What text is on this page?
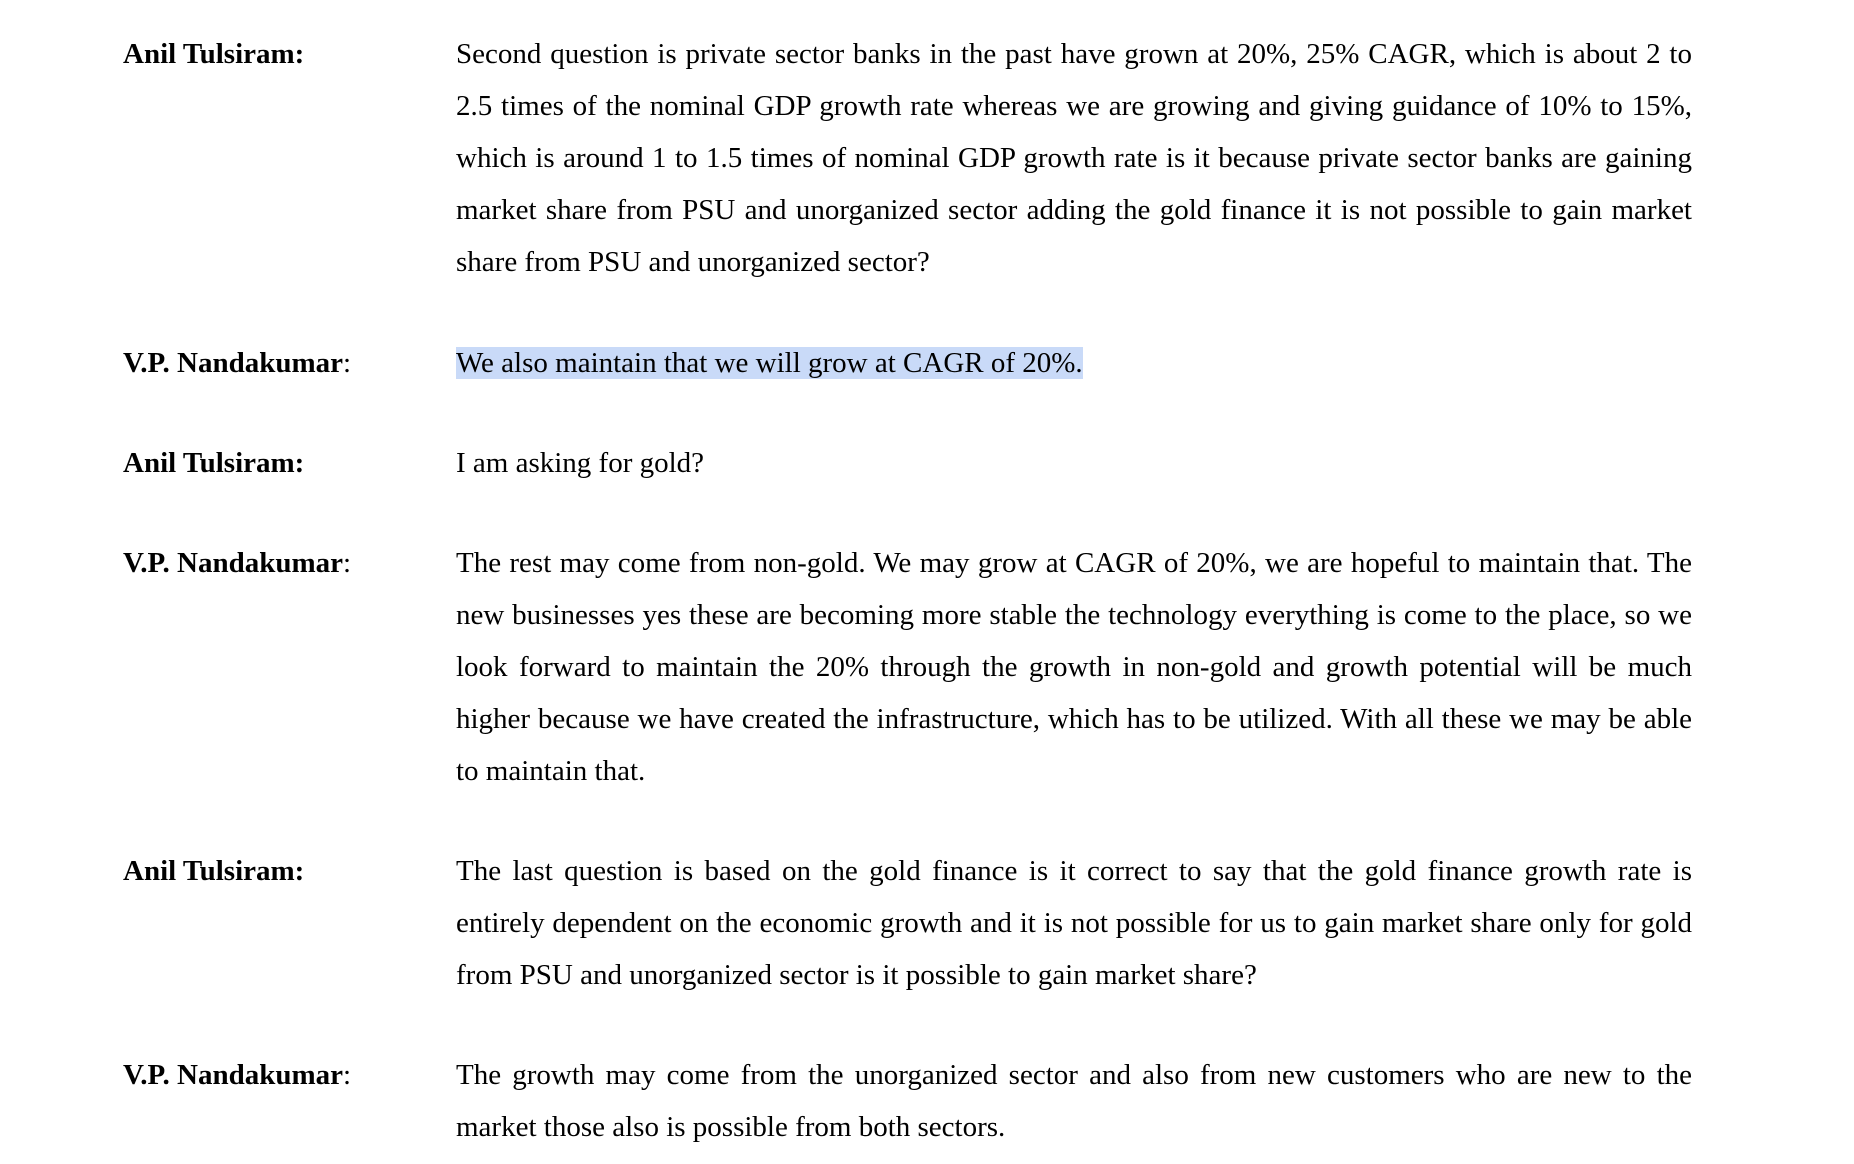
Anil Tulsiram:	Second question is private sector banks in the past have grown at 20%, 25% CAGR, which is about 2 to 2.5 times of the nominal GDP growth rate whereas we are growing and giving guidance of 10% to 15%, which is around 1 to 1.5 times of nominal GDP growth rate is it because private sector banks are gaining market share from PSU and unorganized sector adding the gold finance it is not possible to gain market share from PSU and unorganized sector?
V.P. Nandakumar:	We also maintain that we will grow at CAGR of 20%.
Anil Tulsiram:	I am asking for gold?
V.P. Nandakumar:	The rest may come from non-gold. We may grow at CAGR of 20%, we are hopeful to maintain that. The new businesses yes these are becoming more stable the technology everything is come to the place, so we look forward to maintain the 20% through the growth in non-gold and growth potential will be much higher because we have created the infrastructure, which has to be utilized. With all these we may be able to maintain that.
Anil Tulsiram:	The last question is based on the gold finance is it correct to say that the gold finance growth rate is entirely dependent on the economic growth and it is not possible for us to gain market share only for gold from PSU and unorganized sector is it possible to gain market share?
V.P. Nandakumar:	The growth may come from the unorganized sector and also from new customers who are new to the market those also is possible from both sectors.
